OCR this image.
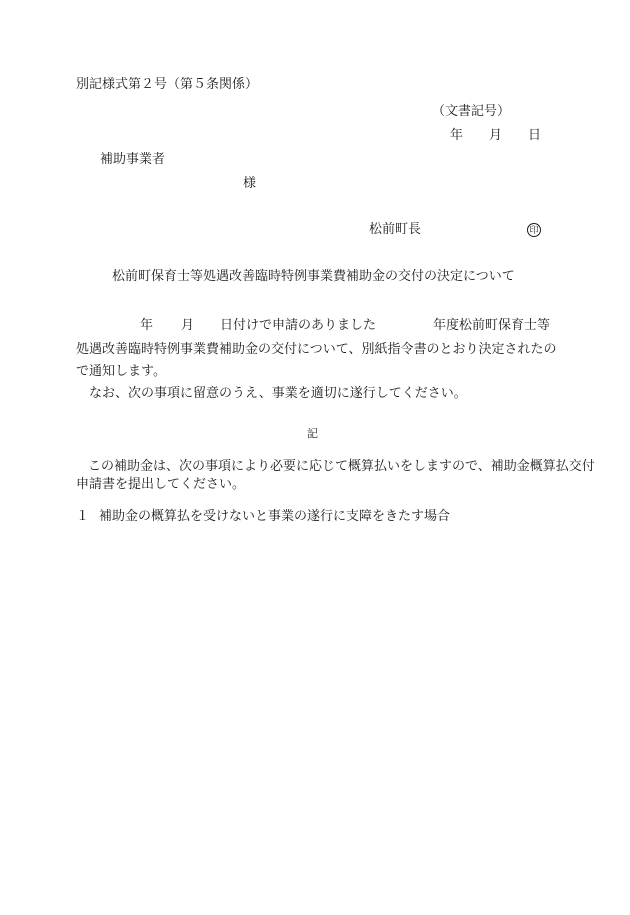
別記様式第２号（第５条関係）
（文書記号）
年 月 日
補助事業者
様
松前町長	印
松前町保育士等処遇改善臨時特例事業費補助金の交付の決定について
年 月 日付けで申請のありました	年度松前町保育士等
処遇改善臨時特例事業費補助金の交付について、別紙指令書のとおり決定されたの
で通知します。
なお、次の事項に留意のうえ、事業を適切に遂行してください。
記
この補助金は、次の事項により必要に応じて概算払いをしますので、補助金概算払交付
申請書を提出してください。
１ 補助金の概算払を受けないと事業の遂行に支障をきたす場合
